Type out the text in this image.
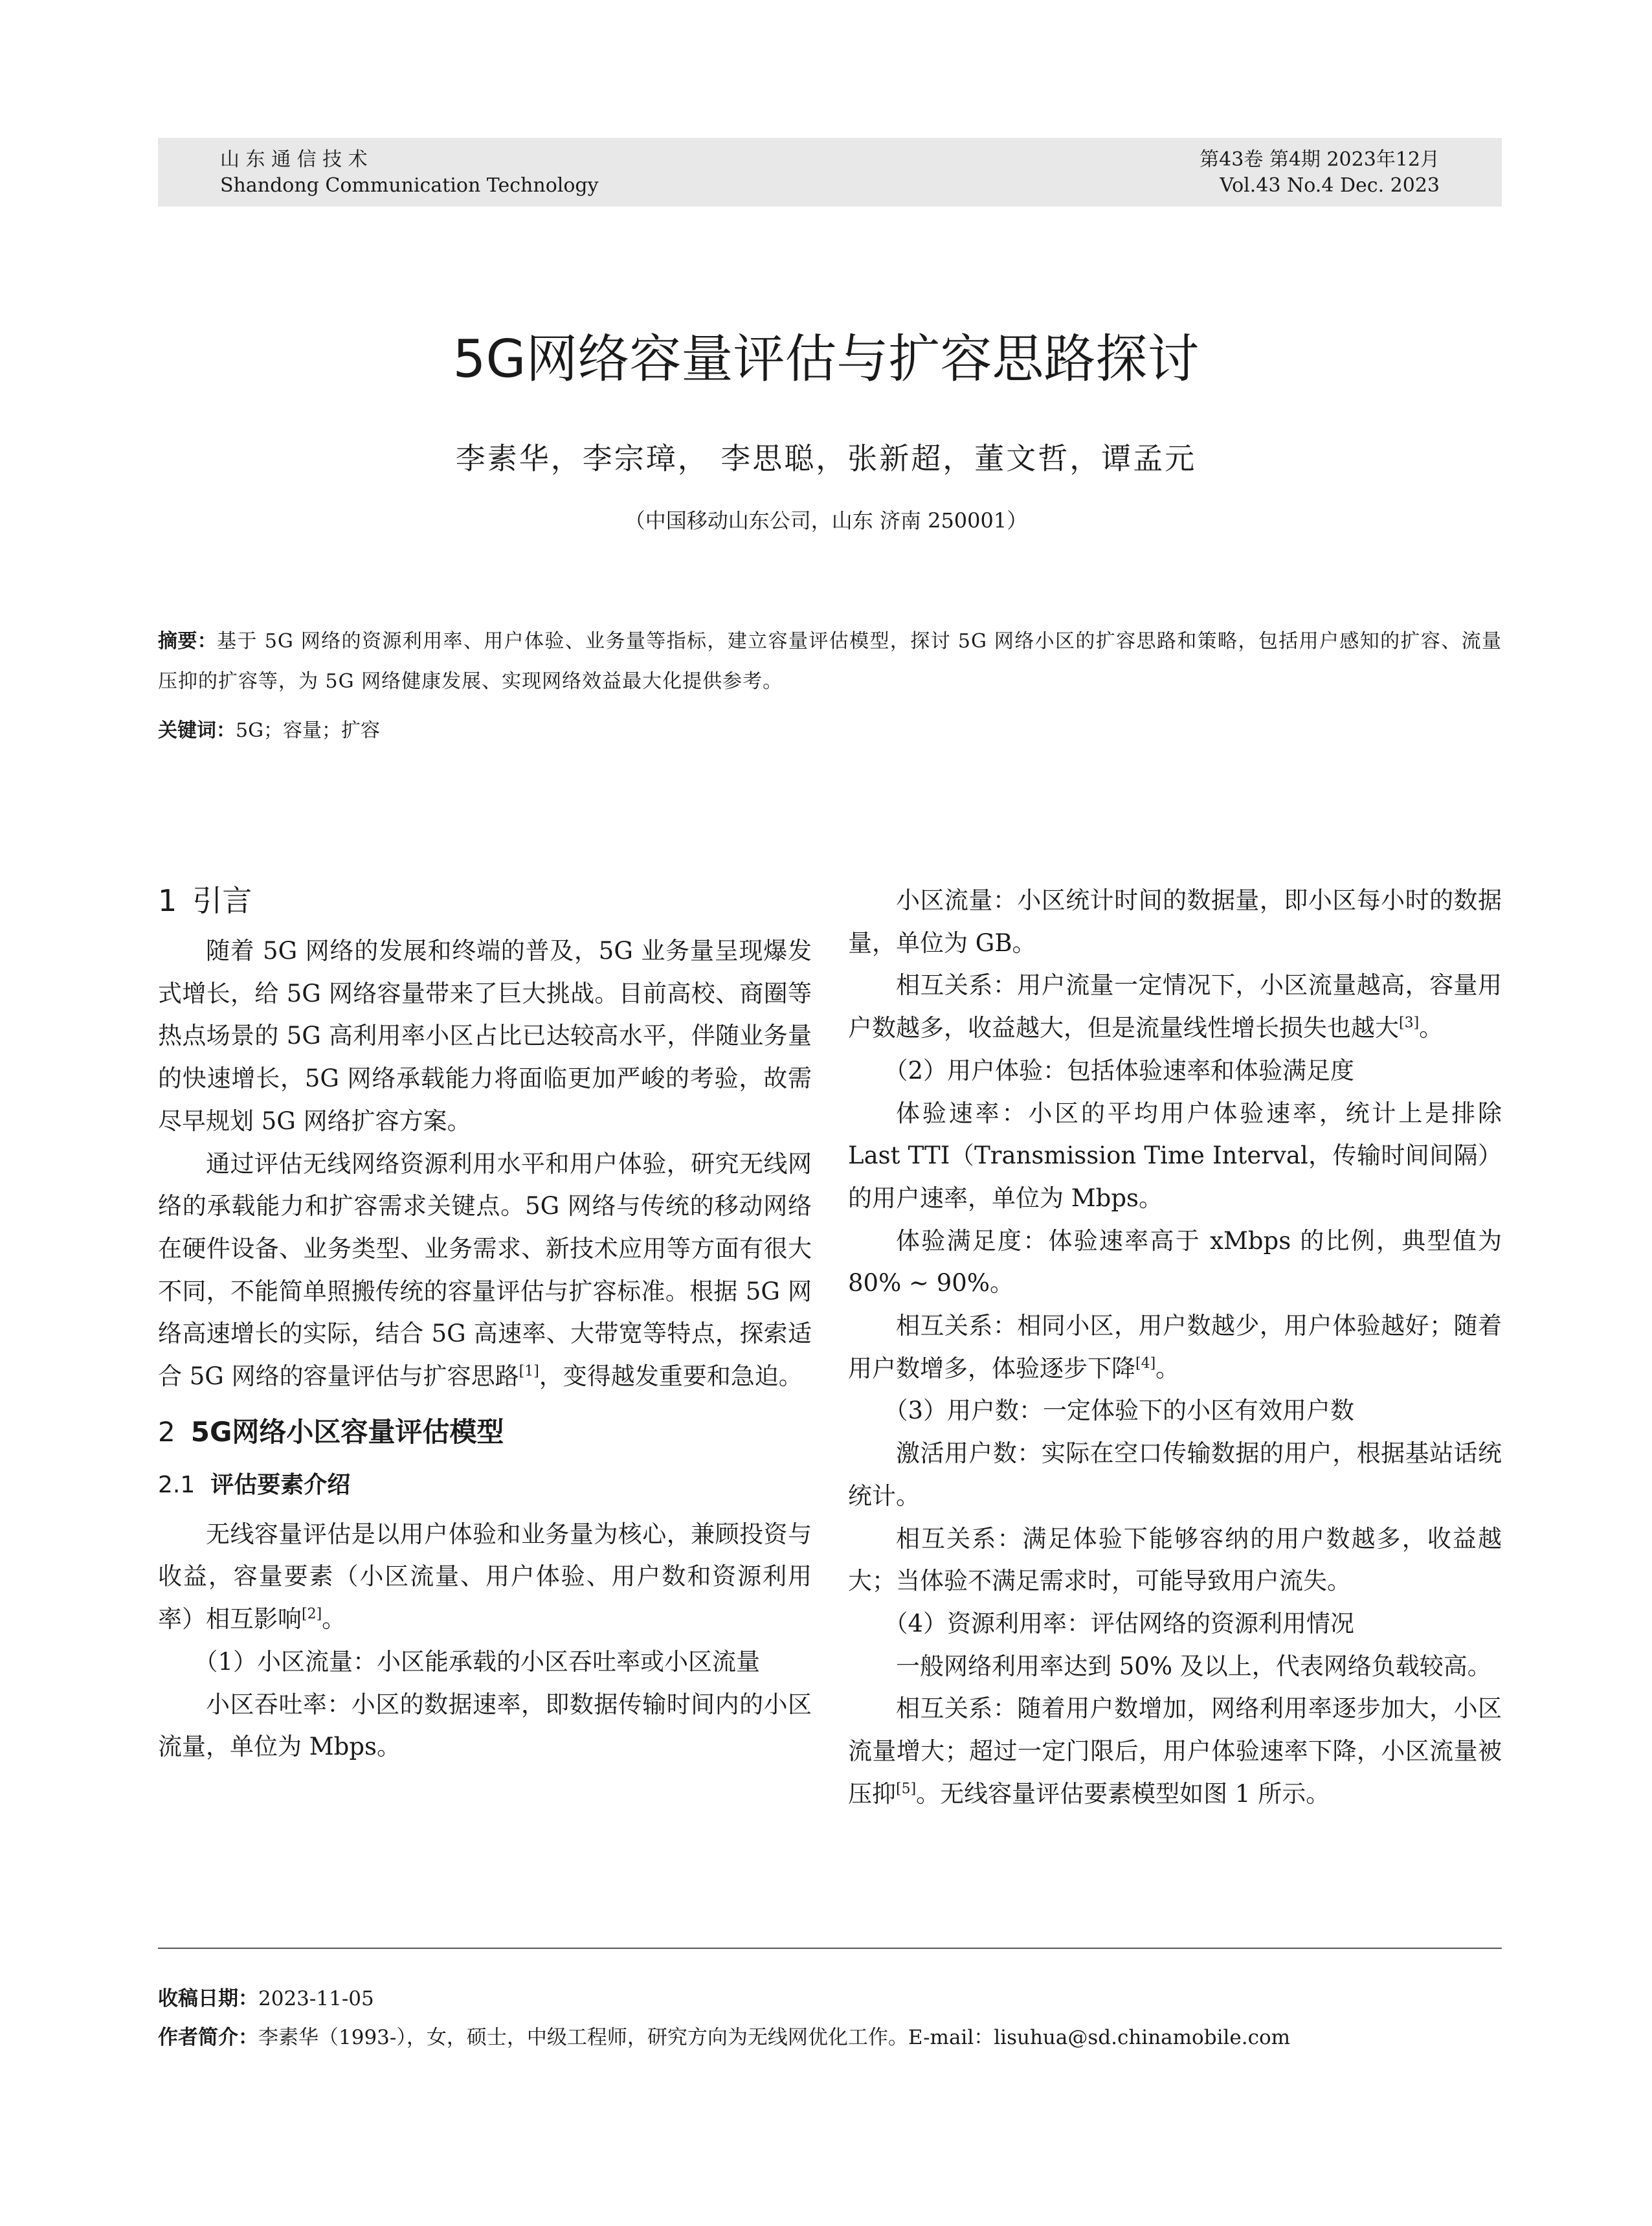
山 东 通 信 技 术
Shandong Communication Technology
第43卷 第4期 2023年12月
Vol.43 No.4 Dec. 2023
5G网络容量评估与扩容思路探讨
李素华，李宗璋， 李思聪，张新超，董文哲，谭孟元
（中国移动山东公司，山东 济南 250001）
摘要：基于 5G 网络的资源利用率、用户体验、业务量等指标，建立容量评估模型，探讨 5G 网络小区的扩容思路和策略，包括用户感知的扩容、流量压抑的扩容等，为 5G 网络健康发展、实现网络效益最大化提供参考。
关键词：5G；容量；扩容
1 引言

随着 5G 网络的发展和终端的普及，5G 业务量呈现爆发式增长，给 5G 网络容量带来了巨大挑战。目前高校、商圈等热点场景的 5G 高利用率小区占比已达较高水平，伴随业务量的快速增长，5G 网络承载能力将面临更加严峻的考验，故需尽早规划 5G 网络扩容方案。

通过评估无线网络资源利用水平和用户体验，研究无线网络的承载能力和扩容需求关键点。5G 网络与传统的移动网络在硬件设备、业务类型、业务需求、新技术应用等方面有很大不同，不能简单照搬传统的容量评估与扩容标准。根据 5G 网络高速增长的实际，结合 5G 高速率、大带宽等特点，探索适合 5G 网络的容量评估与扩容思路[1]，变得越发重要和急迫。

2 5G网络小区容量评估模型
2.1 评估要素介绍

无线容量评估是以用户体验和业务量为核心，兼顾投资与收益，容量要素（小区流量、用户体验、用户数和资源利用率）相互影响[2]。

（1）小区流量：小区能承载的小区吞吐率或小区流量

小区吞吐率：小区的数据速率，即数据传输时间内的小区流量，单位为 Mbps。

小区流量：小区统计时间的数据量，即小区每小时的数据量，单位为 GB。

相互关系：用户流量一定情况下，小区流量越高，容量用户数越多，收益越大，但是流量线性增长损失也越大[3]。

（2）用户体验：包括体验速率和体验满足度

体验速率：小区的平均用户体验速率，统计上是排除 Last TTI（Transmission Time Interval，传输时间间隔）的用户速率，单位为 Mbps。

体验满足度：体验速率高于 xMbps 的比例，典型值为 80% ~ 90%。

相互关系：相同小区，用户数越少，用户体验越好；随着用户数增多，体验逐步下降[4]。

（3）用户数：一定体验下的小区有效用户数

激活用户数：实际在空口传输数据的用户，根据基站话统统计。

相互关系：满足体验下能够容纳的用户数越多，收益越大；当体验不满足需求时，可能导致用户流失。

（4）资源利用率：评估网络的资源利用情况

一般网络利用率达到 50% 及以上，代表网络负载较高。

相互关系：随着用户数增加，网络利用率逐步加大，小区流量增大；超过一定门限后，用户体验速率下降，小区流量被压抑[5]。无线容量评估要素模型如图 1 所示。

收稿日期：2023-11-05
作者简介：李素华（1993-），女，硕士，中级工程师，研究方向为无线网优化工作。E-mail：lisuhua@sd.chinamobile.com
